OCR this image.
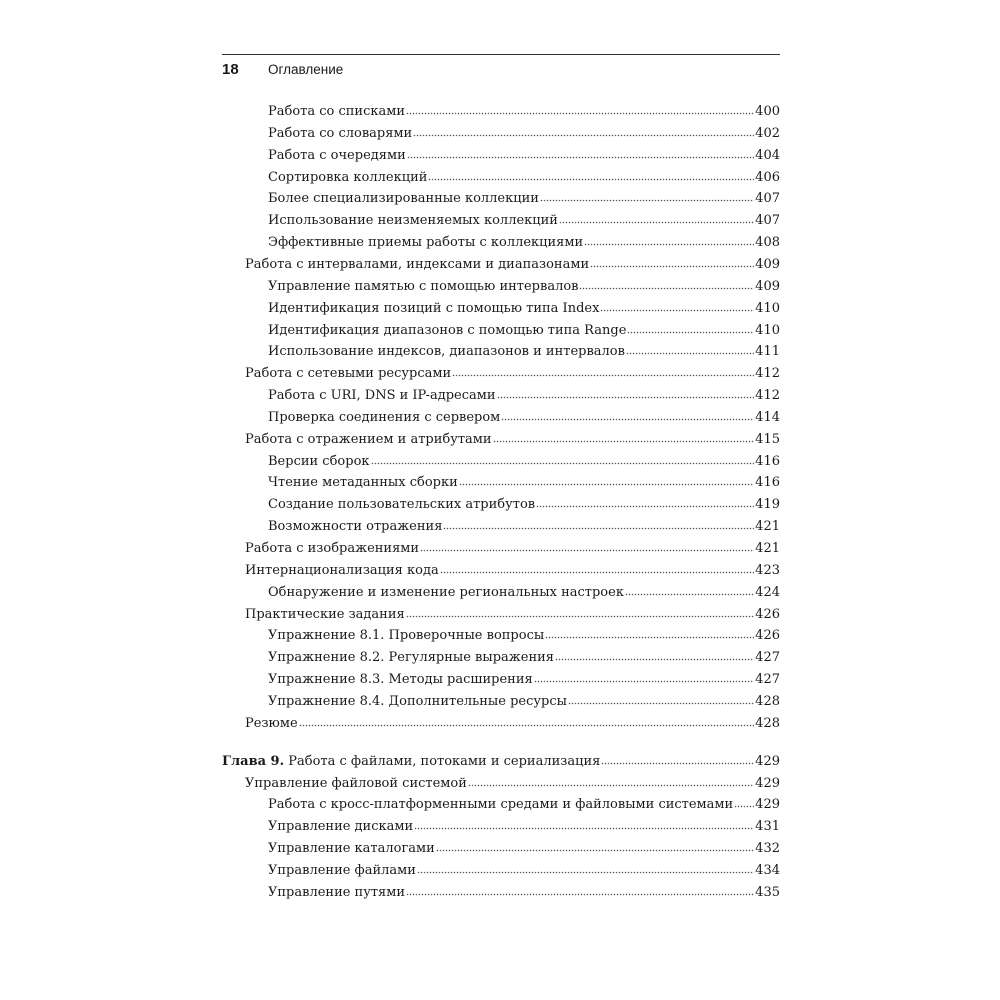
18	Оглавление
Работа со списками	400
Работа со словарями	402
Работа с очередями	404
Сортировка коллекций	406
Более специализированные коллекции	407
Использование неизменяемых коллекций	407
Эффективные приемы работы с коллекциями	408
Работа с интервалами, индексами и диапазонами	409
Управление памятью с помощью интервалов	409
Идентификация позиций с помощью типа Index	410
Идентификация диапазонов с помощью типа Range	410
Использование индексов, диапазонов и интервалов	411
Работа с сетевыми ресурсами	412
Работа с URI, DNS и IP-адресами	412
Проверка соединения с сервером	414
Работа с отражением и атрибутами	415
Версии сборок	416
Чтение метаданных сборки	416
Создание пользовательских атрибутов	419
Возможности отражения	421
Работа с изображениями	421
Интернационализация кода	423
Обнаружение и изменение региональных настроек	424
Практические задания	426
Упражнение 8.1. Проверочные вопросы	426
Упражнение 8.2. Регулярные выражения	427
Упражнение 8.3. Методы расширения	427
Упражнение 8.4. Дополнительные ресурсы	428
Резюме	428
Глава 9. Работа с файлами, потоками и сериализация	429
Управление файловой системой	429
Работа с кросс-платформенными средами и файловыми системами 429
Управление дисками	431
Управление каталогами	432
Управление файлами	434
Управление путями	435
